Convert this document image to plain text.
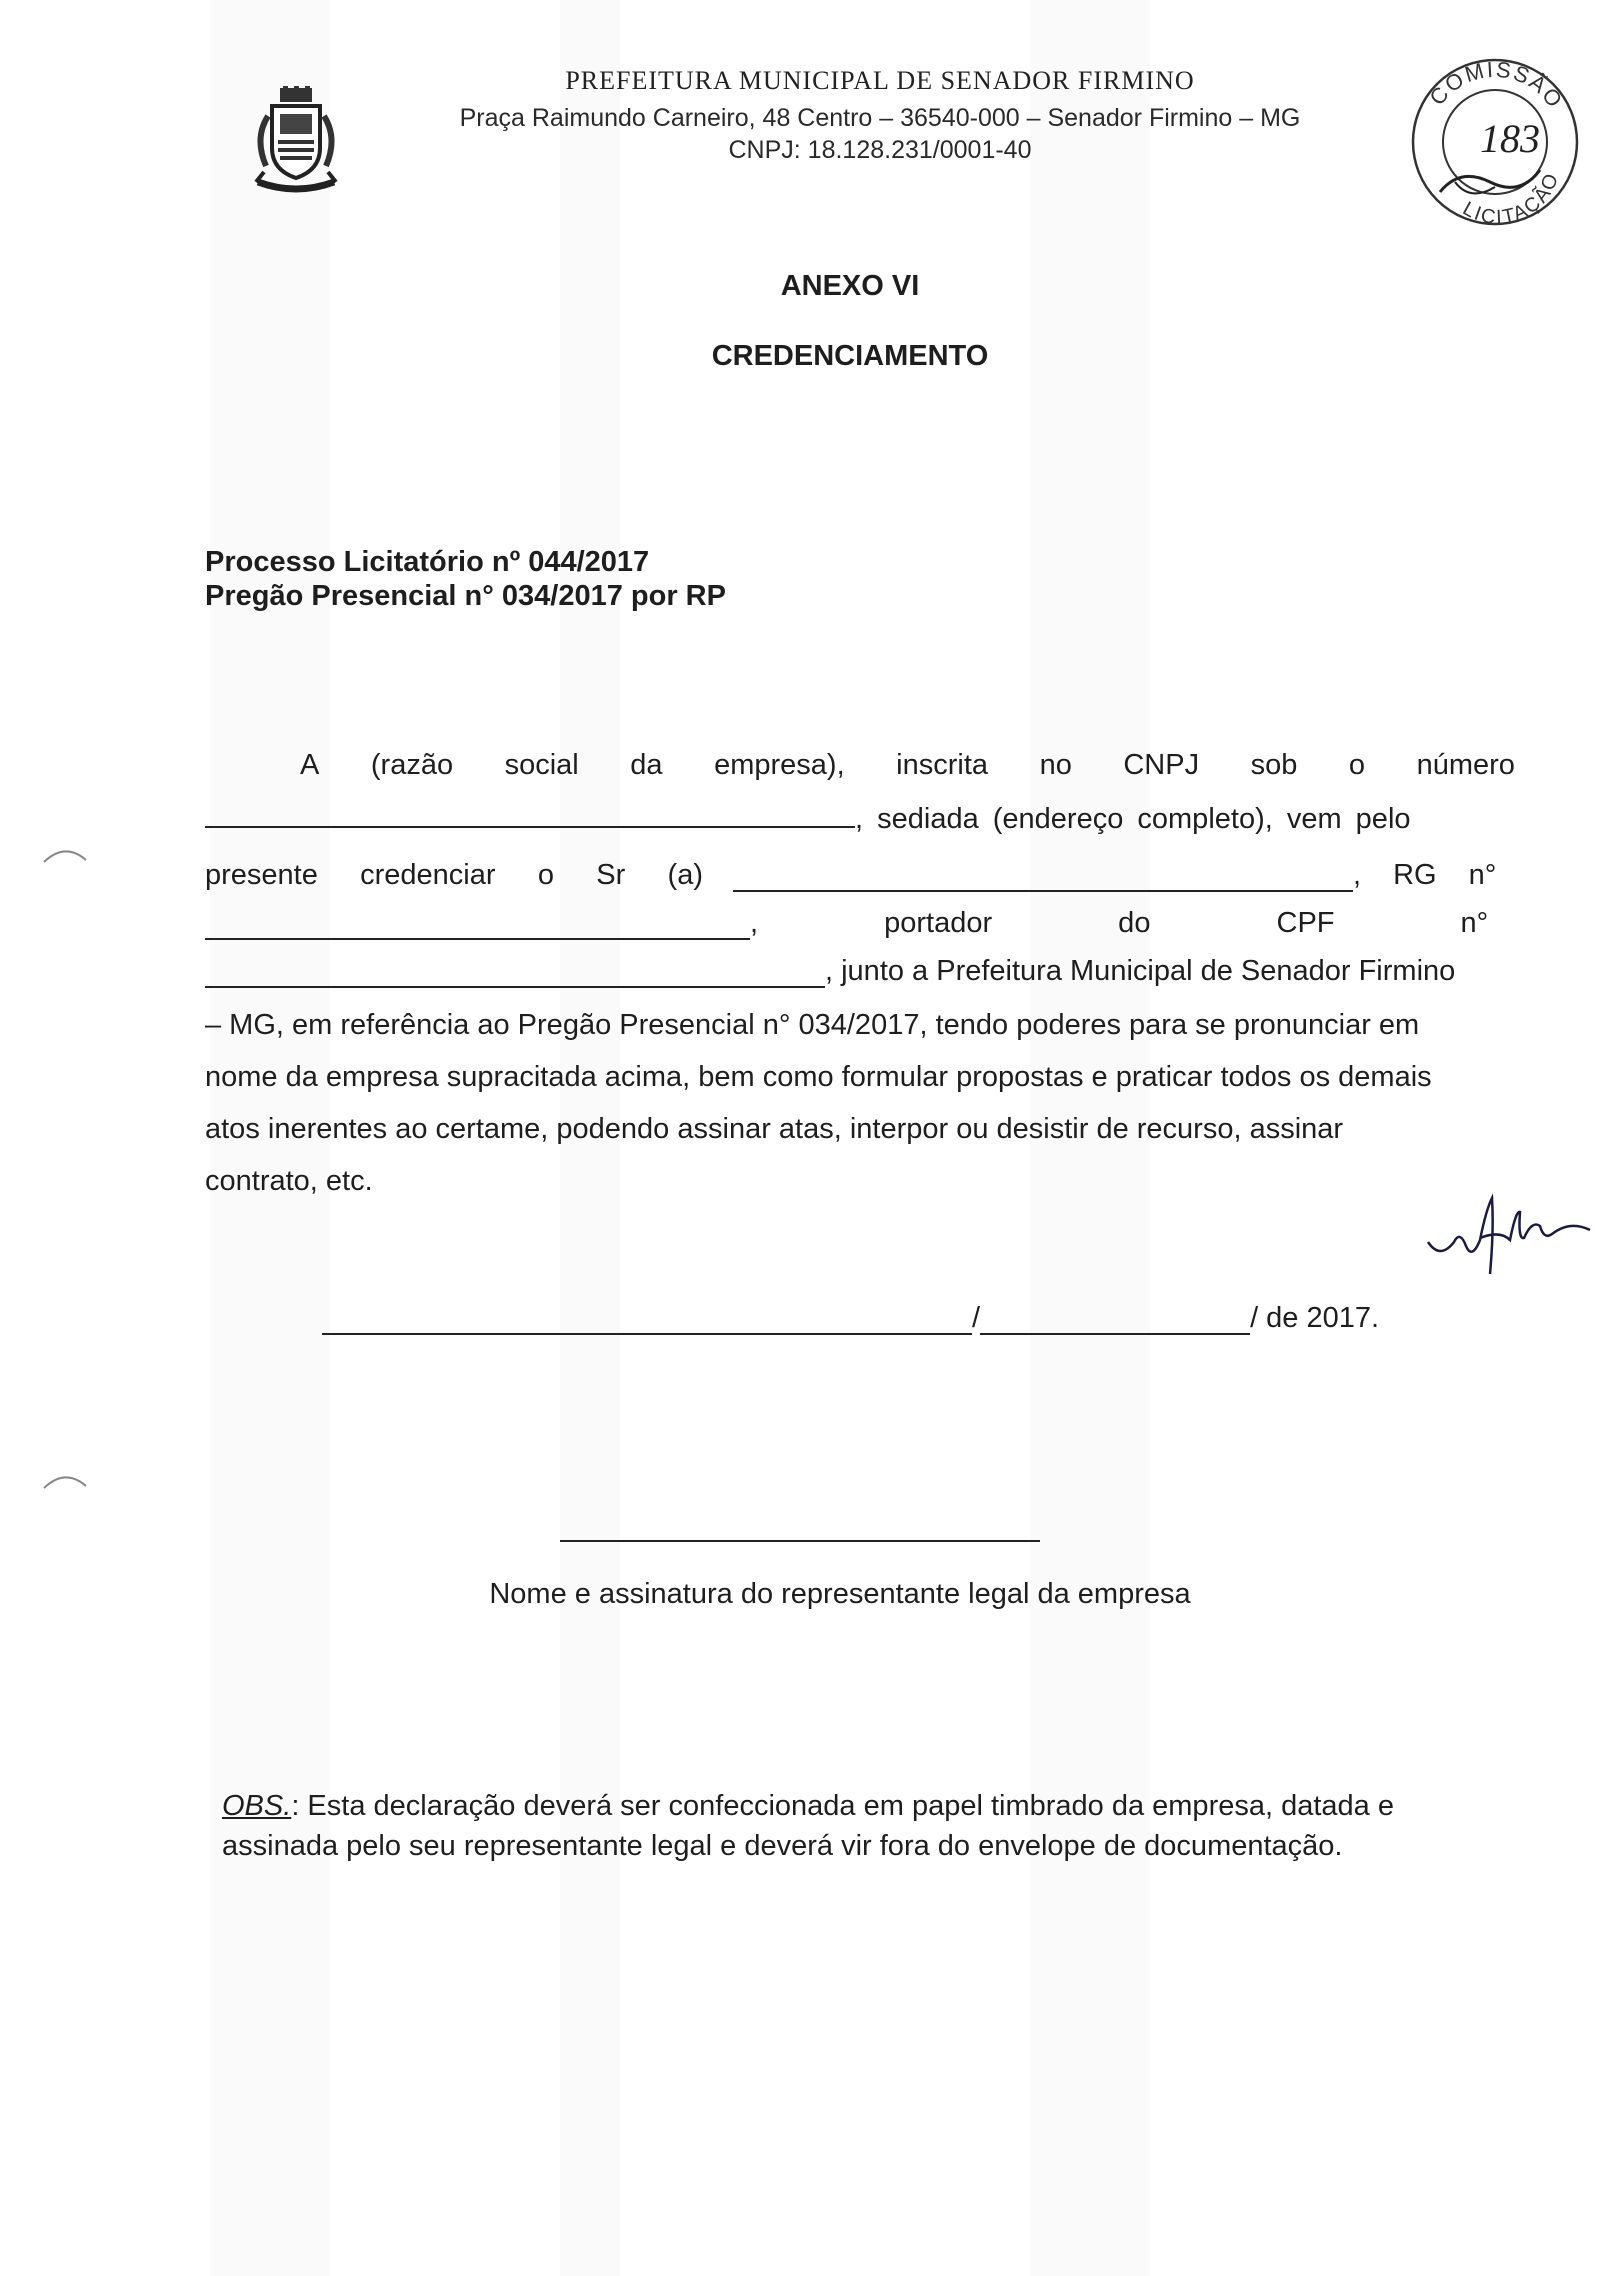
PREFEITURA MUNICIPAL DE SENADOR FIRMINO
Praça Raimundo Carneiro, 48 Centro – 36540-000 – Senador Firmino – MG
CNPJ: 18.128.231/0001-40
COMISSÃO
LICITAÇÃO
183
ANEXO VI
CREDENCIAMENTO
Processo Licitatório nº 044/2017
Pregão Presencial n° 034/2017 por RP
A (razão social da empresa), inscrita no CNPJ sob o número
, sediada (endereço completo), vem pelo
presente credenciar o Sr (a)	, RG n°
, portador do CPF n°
, junto a Prefeitura Municipal de Senador Firmino
– MG, em referência ao Pregão Presencial n° 034/2017, tendo poderes para se pronunciar em
nome da empresa supracitada acima, bem como formular propostas e praticar todos os demais
atos inerentes ao certame, podendo assinar atas, interpor ou desistir de recurso, assinar
contrato, etc.
/	/ de 2017.
Nome e assinatura do representante legal da empresa
OBS.: Esta declaração deverá ser confeccionada em papel timbrado da empresa, datada e
assinada pelo seu representante legal e deverá vir fora do envelope de documentação.
